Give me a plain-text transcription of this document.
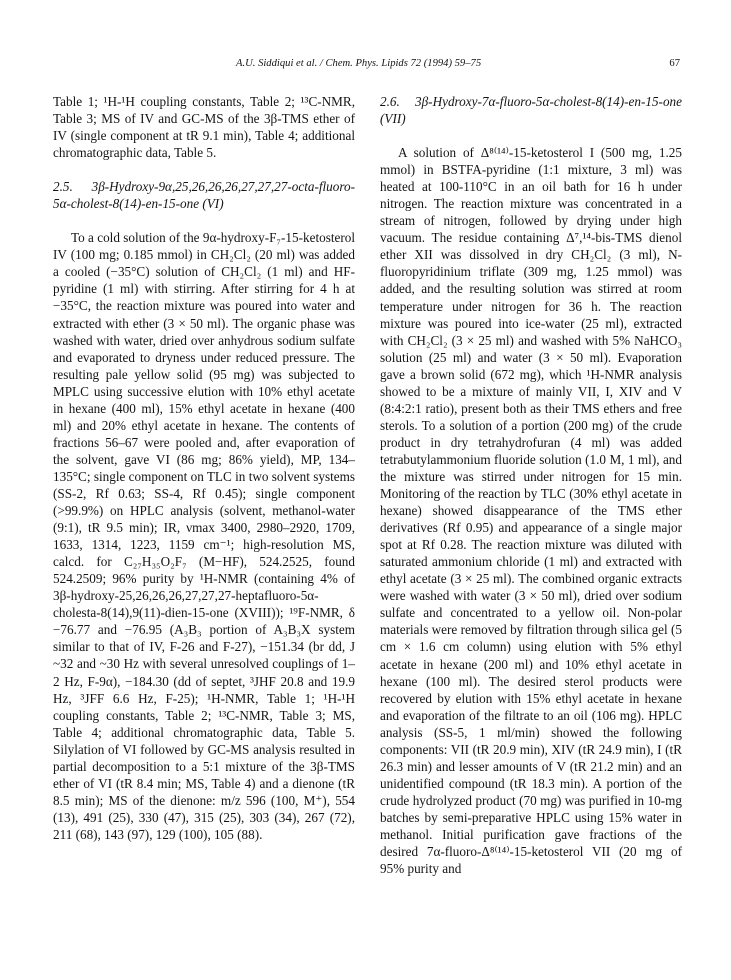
A.U. Siddiqui et al. / Chem. Phys. Lipids 72 (1994) 59–75	67

Table 1; ¹H-¹H coupling constants, Table 2; ¹³C-NMR, Table 3; MS of IV and GC-MS of the 3β-TMS ether of IV (single component at tR 9.1 min), Table 4; additional chromatographic data, Table 5.

2.5. 3β-Hydroxy-9α,25,26,26,26,27,27,27-octa-fluoro-5α-cholest-8(14)-en-15-one (VI)

To a cold solution of the 9α-hydroxy-F₇-15-ketosterol IV (100 mg; 0.185 mmol) in CH₂Cl₂ (20 ml) was added a cooled (−35°C) solution of CH₂Cl₂ (1 ml) and HF-pyridine (1 ml) with stirring. After stirring for 4 h at −35°C, the reaction mixture was poured into water and extracted with ether (3 × 50 ml). The organic phase was washed with water, dried over anhydrous sodium sulfate and evaporated to dryness under reduced pressure. The resulting pale yellow solid (95 mg) was subjected to MPLC using successive elution with 10% ethyl acetate in hexane (400 ml), 15% ethyl acetate in hexane (400 ml) and 20% ethyl acetate in hexane. The contents of fractions 56–67 were pooled and, after evaporation of the solvent, gave VI (86 mg; 86% yield), MP, 134–135°C; single component on TLC in two solvent systems (SS-2, Rf 0.63; SS-4, Rf 0.45); single component (>99.9%) on HPLC analysis (solvent, methanol-water (9:1), tR 9.5 min); IR, νmax 3400, 2980–2920, 1709, 1633, 1314, 1223, 1159 cm⁻¹; high-resolution MS, calcd. for C₂₇H₃₅O₂F₇ (M−HF), 524.2525, found 524.2509; 96% purity by ¹H-NMR (containing 4% of 3β-hydroxy-25,26,26,26,27,27,27-heptafluoro-5α-cholesta-8(14),9(11)-dien-15-one (XVIII)); ¹⁹F-NMR, δ −76.77 and −76.95 (A₃B₃ portion of A₃B₃X system similar to that of IV, F-26 and F-27), −151.34 (br dd, J ~32 and ~30 Hz with several unresolved couplings of 1–2 Hz, F-9α), −184.30 (dd of septet, ³JHF 20.8 and 19.9 Hz, ³JFF 6.6 Hz, F-25); ¹H-NMR, Table 1; ¹H-¹H coupling constants, Table 2; ¹³C-NMR, Table 3; MS, Table 4; additional chromatographic data, Table 5. Silylation of VI followed by GC-MS analysis resulted in partial decomposition to a 5:1 mixture of the 3β-TMS ether of VI (tR 8.4 min; MS, Table 4) and a dienone (tR 8.5 min); MS of the dienone: m/z 596 (100, M⁺), 554 (13), 491 (25), 330 (47), 315 (25), 303 (34), 267 (72), 211 (68), 143 (97), 129 (100), 105 (88).

2.6. 3β-Hydroxy-7α-fluoro-5α-cholest-8(14)-en-15-one (VII)

A solution of Δ⁸⁽¹⁴⁾-15-ketosterol I (500 mg, 1.25 mmol) in BSTFA-pyridine (1:1 mixture, 3 ml) was heated at 100-110°C in an oil bath for 16 h under nitrogen. The reaction mixture was concentrated in a stream of nitrogen, followed by drying under high vacuum. The residue containing Δ⁷,¹⁴-bis-TMS dienol ether XII was dissolved in dry CH₂Cl₂ (3 ml), N-fluoropyridinium triflate (309 mg, 1.25 mmol) was added, and the resulting solution was stirred at room temperature under nitrogen for 36 h. The reaction mixture was poured into ice-water (25 ml), extracted with CH₂Cl₂ (3 × 25 ml) and washed with 5% NaHCO₃ solution (25 ml) and water (3 × 50 ml). Evaporation gave a brown solid (672 mg), which ¹H-NMR analysis showed to be a mixture of mainly VII, I, XIV and V (8:4:2:1 ratio), present both as their TMS ethers and free sterols. To a solution of a portion (200 mg) of the crude product in dry tetrahydrofuran (4 ml) was added tetrabutylammonium fluoride solution (1.0 M, 1 ml), and the mixture was stirred under nitrogen for 15 min. Monitoring of the reaction by TLC (30% ethyl acetate in hexane) showed disappearance of the TMS ether derivatives (Rf 0.95) and appearance of a single major spot at Rf 0.28. The reaction mixture was diluted with saturated ammonium chloride (1 ml) and extracted with ethyl acetate (3 × 25 ml). The combined organic extracts were washed with water (3 × 50 ml), dried over sodium sulfate and concentrated to a yellow oil. Non-polar materials were removed by filtration through silica gel (5 cm × 1.6 cm column) using elution with 5% ethyl acetate in hexane (200 ml) and 10% ethyl acetate in hexane (100 ml). The desired sterol products were recovered by elution with 15% ethyl acetate in hexane and evaporation of the filtrate to an oil (106 mg). HPLC analysis (SS-5, 1 ml/min) showed the following components: VII (tR 20.9 min), XIV (tR 24.9 min), I (tR 26.3 min) and lesser amounts of V (tR 21.2 min) and an unidentified compound (tR 18.3 min). A portion of the crude hydrolyzed product (70 mg) was purified in 10-mg batches by semi-preparative HPLC using 15% water in methanol. Initial purification gave fractions of the desired 7α-fluoro-Δ⁸⁽¹⁴⁾-15-ketosterol VII (20 mg of 95% purity and
